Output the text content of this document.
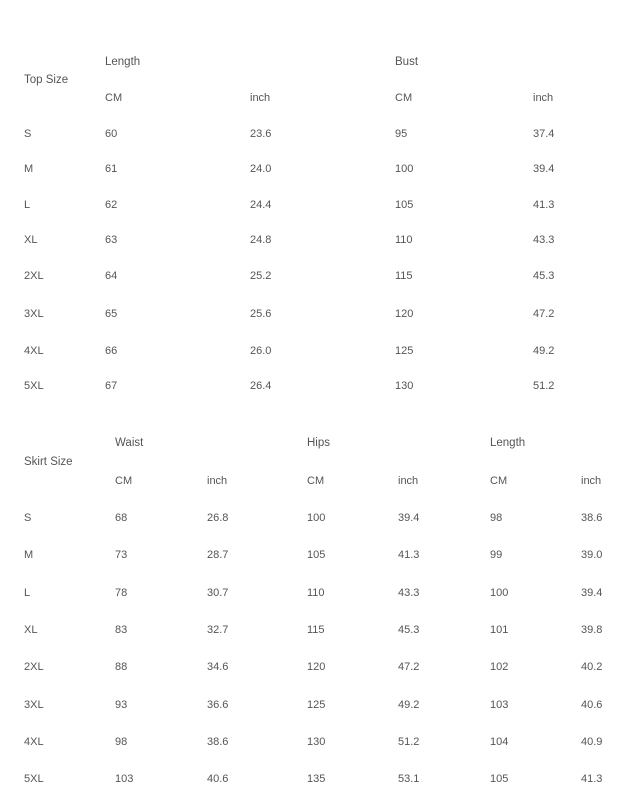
Top Size
Length
CM	inch
Bust
CM	inch
S	60	23.6	95	37.4
M	61	24.0	100	39.4
L	62	24.4	105	41.3
XL	63	24.8	110	43.3
2XL	64	25.2	115	45.3
3XL	65	25.6	120	47.2
4XL	66	26.0	125	49.2
5XL	67	26.4	130	51.2
Skirt Size
Waist
CM	inch
Hips
CM	inch
Length
CM	inch
S	68	26.8	100	39.4	98	38.6
M	73	28.7	105	41.3	99	39.0
L	78	30.7	110	43.3	100	39.4
XL	83	32.7	115	45.3	101	39.8
2XL	88	34.6	120	47.2	102	40.2
3XL	93	36.6	125	49.2	103	40.6
4XL	98	38.6	130	51.2	104	40.9
5XL	103	40.6	135	53.1	105	41.3
